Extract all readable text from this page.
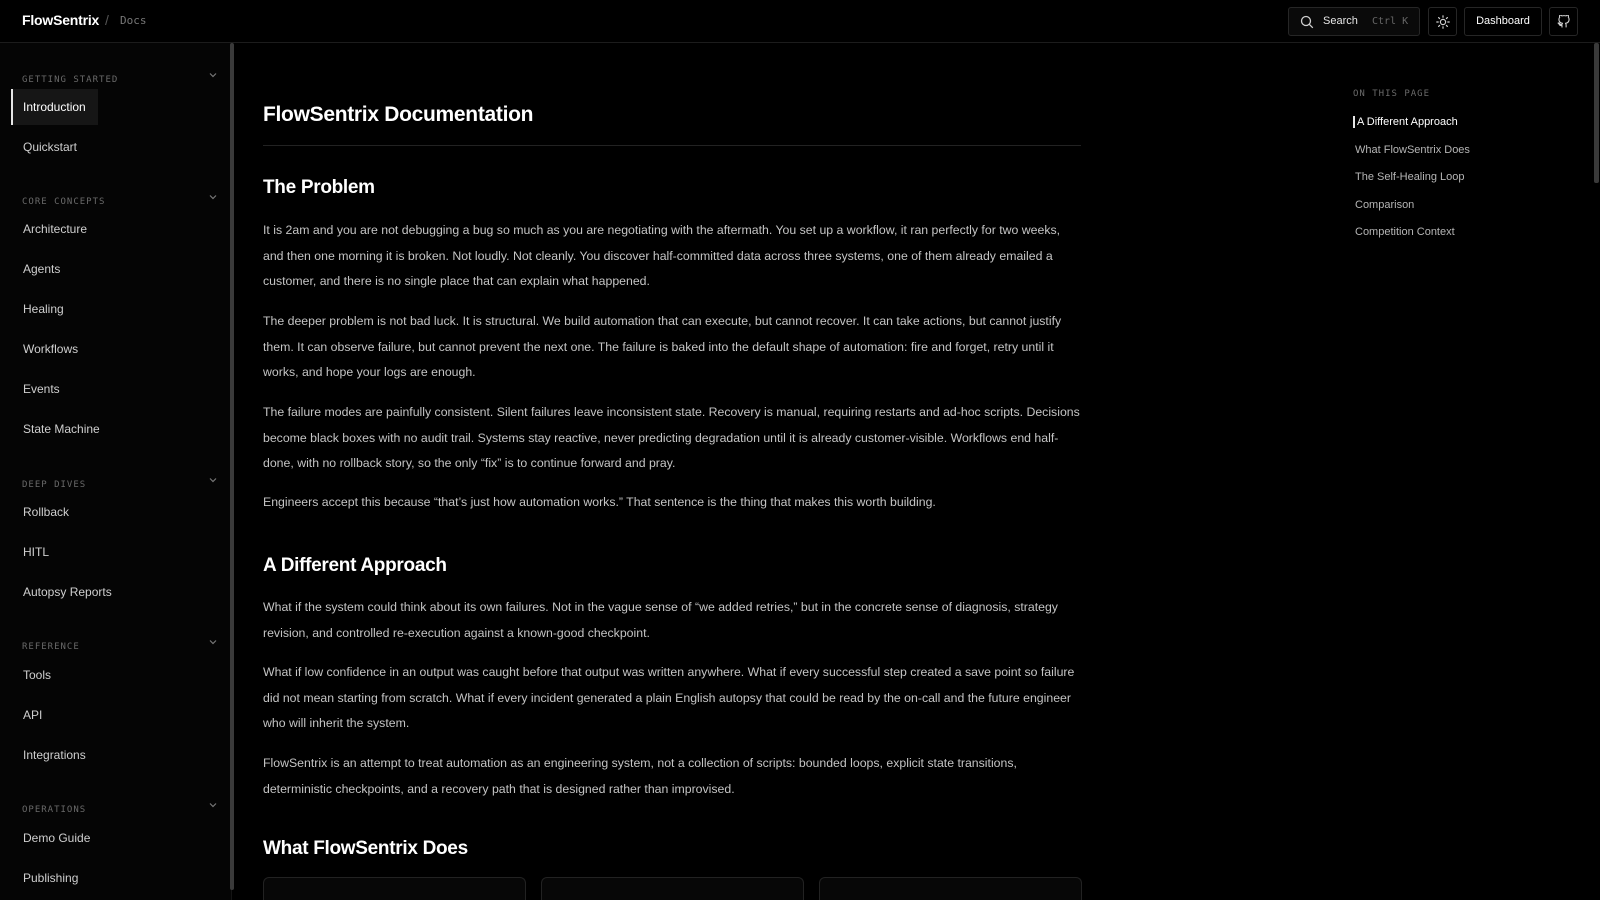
FlowSentrix / Docs	Search Ctrl K	Dashboard
GETTING STARTED
Introduction
Quickstart
CORE CONCEPTS
Architecture
Agents
Healing
Workflows
Events
State Machine
DEEP DIVES
Rollback
HITL
Autopsy Reports
REFERENCE
Tools
API
Integrations
OPERATIONS
Demo Guide
Publishing
FlowSentrix Documentation
The Problem

It is 2am and you are not debugging a bug so much as you are negotiating with the aftermath. You set up a workflow, it ran perfectly for two weeks, and then one morning it is broken. Not loudly. Not cleanly. You discover half-committed data across three systems, one of them already emailed a customer, and there is no single place that can explain what happened.

The deeper problem is not bad luck. It is structural. We build automation that can execute, but cannot recover. It can take actions, but cannot justify them. It can observe failure, but cannot prevent the next one. The failure is baked into the default shape of automation: fire and forget, retry until it works, and hope your logs are enough.

The failure modes are painfully consistent. Silent failures leave inconsistent state. Recovery is manual, requiring restarts and ad-hoc scripts. Decisions become black boxes with no audit trail. Systems stay reactive, never predicting degradation until it is already customer-visible. Workflows end half-done, with no rollback story, so the only “fix” is to continue forward and pray.

Engineers accept this because “that’s just how automation works.” That sentence is the thing that makes this worth building.

A Different Approach

What if the system could think about its own failures. Not in the vague sense of “we added retries,” but in the concrete sense of diagnosis, strategy revision, and controlled re-execution against a known-good checkpoint.

What if low confidence in an output was caught before that output was written anywhere. What if every successful step created a save point so failure did not mean starting from scratch. What if every incident generated a plain English autopsy that could be read by the on-call and the future engineer who will inherit the system.

FlowSentrix is an attempt to treat automation as an engineering system, not a collection of scripts: bounded loops, explicit state transitions, deterministic checkpoints, and a recovery path that is designed rather than improvised.

What FlowSentrix Does
ON THIS PAGE
A Different Approach
What FlowSentrix Does
The Self-Healing Loop
Comparison
Competition Context
